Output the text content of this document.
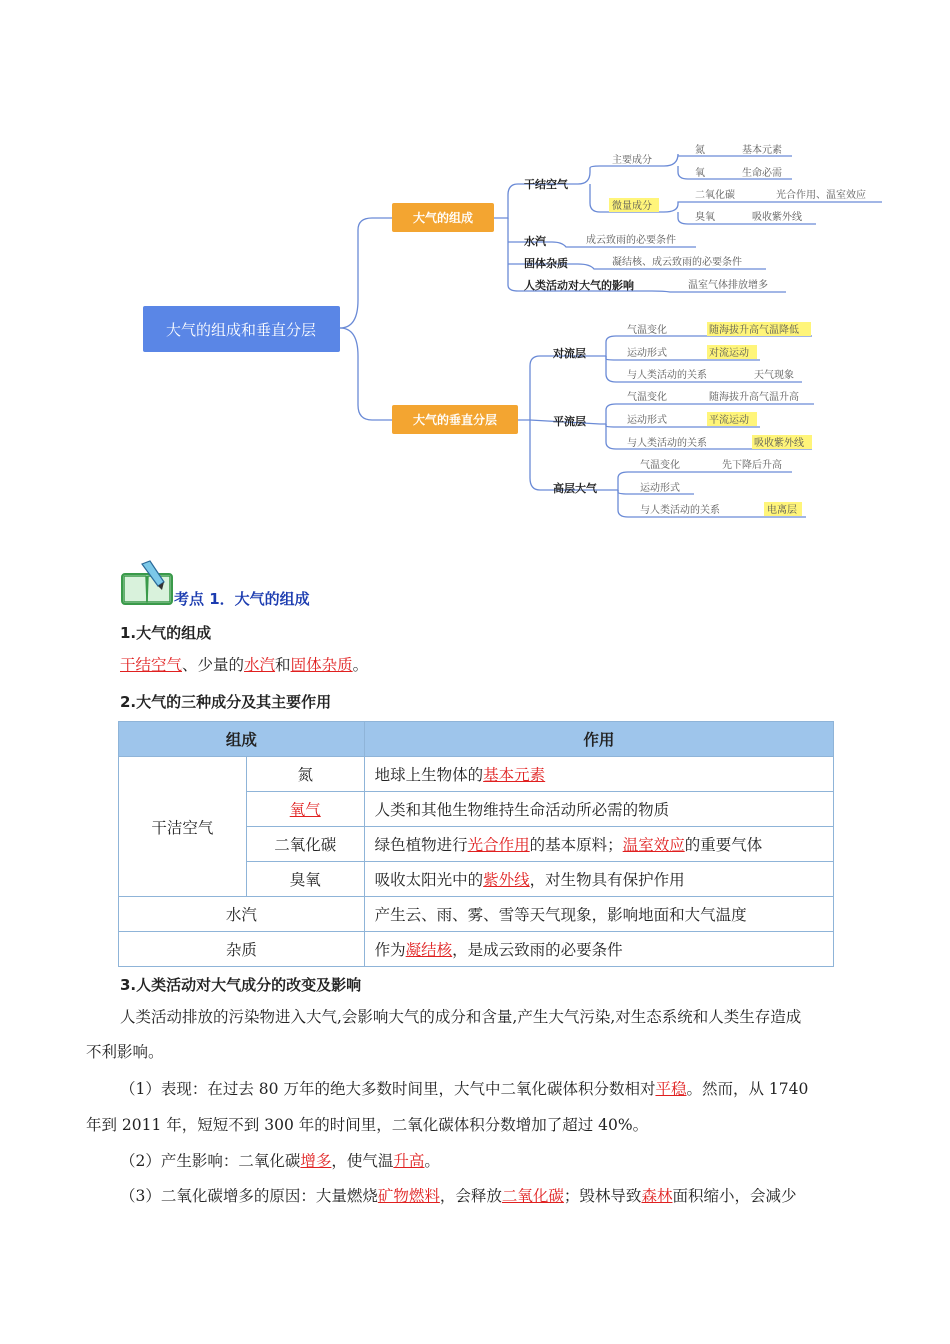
大气的组成和垂直分层
大气的组成
干结空气
水汽
固体杂质
人类活动对大气的影响
主要成分
微量成分
氮	基本元素
氧	生命必需
二氧化碳	光合作用、温室效应
臭氧	吸收紫外线
成云致雨的必要条件
凝结核、成云致雨的必要条件
温室气体排放增多
大气的垂直分层
对流层
平流层
高层大气
气温变化	随海拔升高气温降低
运动形式	对流运动
与人类活动的关系	天气现象
气温变化	随海拔升高气温升高
运动形式	平流运动
与人类活动的关系	吸收紫外线
气温变化	先下降后升高
运动形式
与人类活动的关系	电离层
考点 1．大气的组成
1.大气的组成
干结空气、少量的水汽和固体杂质。
2.大气的三种成分及其主要作用
组成		作用
干洁空气	氮	地球上生物体的基本元素
	氧气	人类和其他生物维持生命活动所必需的物质
	二氧化碳	绿色植物进行光合作用的基本原料；温室效应的重要气体
	臭氧	吸收太阳光中的紫外线，对生物具有保护作用
水汽		产生云、雨、雾、雪等天气现象，影响地面和大气温度
杂质		作为凝结核，是成云致雨的必要条件
3.人类活动对大气成分的改变及影响
人类活动排放的污染物进入大气,会影响大气的成分和含量,产生大气污染,对生态系统和人类生存造成
不利影响。
（1）表现：在过去 80 万年的绝大多数时间里，大气中二氧化碳体积分数相对平稳。然而，从 1740
年到 2011 年，短短不到 300 年的时间里，二氧化碳体积分数增加了超过 40%。
（2）产生影响：二氧化碳增多，使气温升高。
（3）二氧化碳增多的原因：大量燃烧矿物燃料，会释放二氧化碳；毁林导致森林面积缩小，会减少
